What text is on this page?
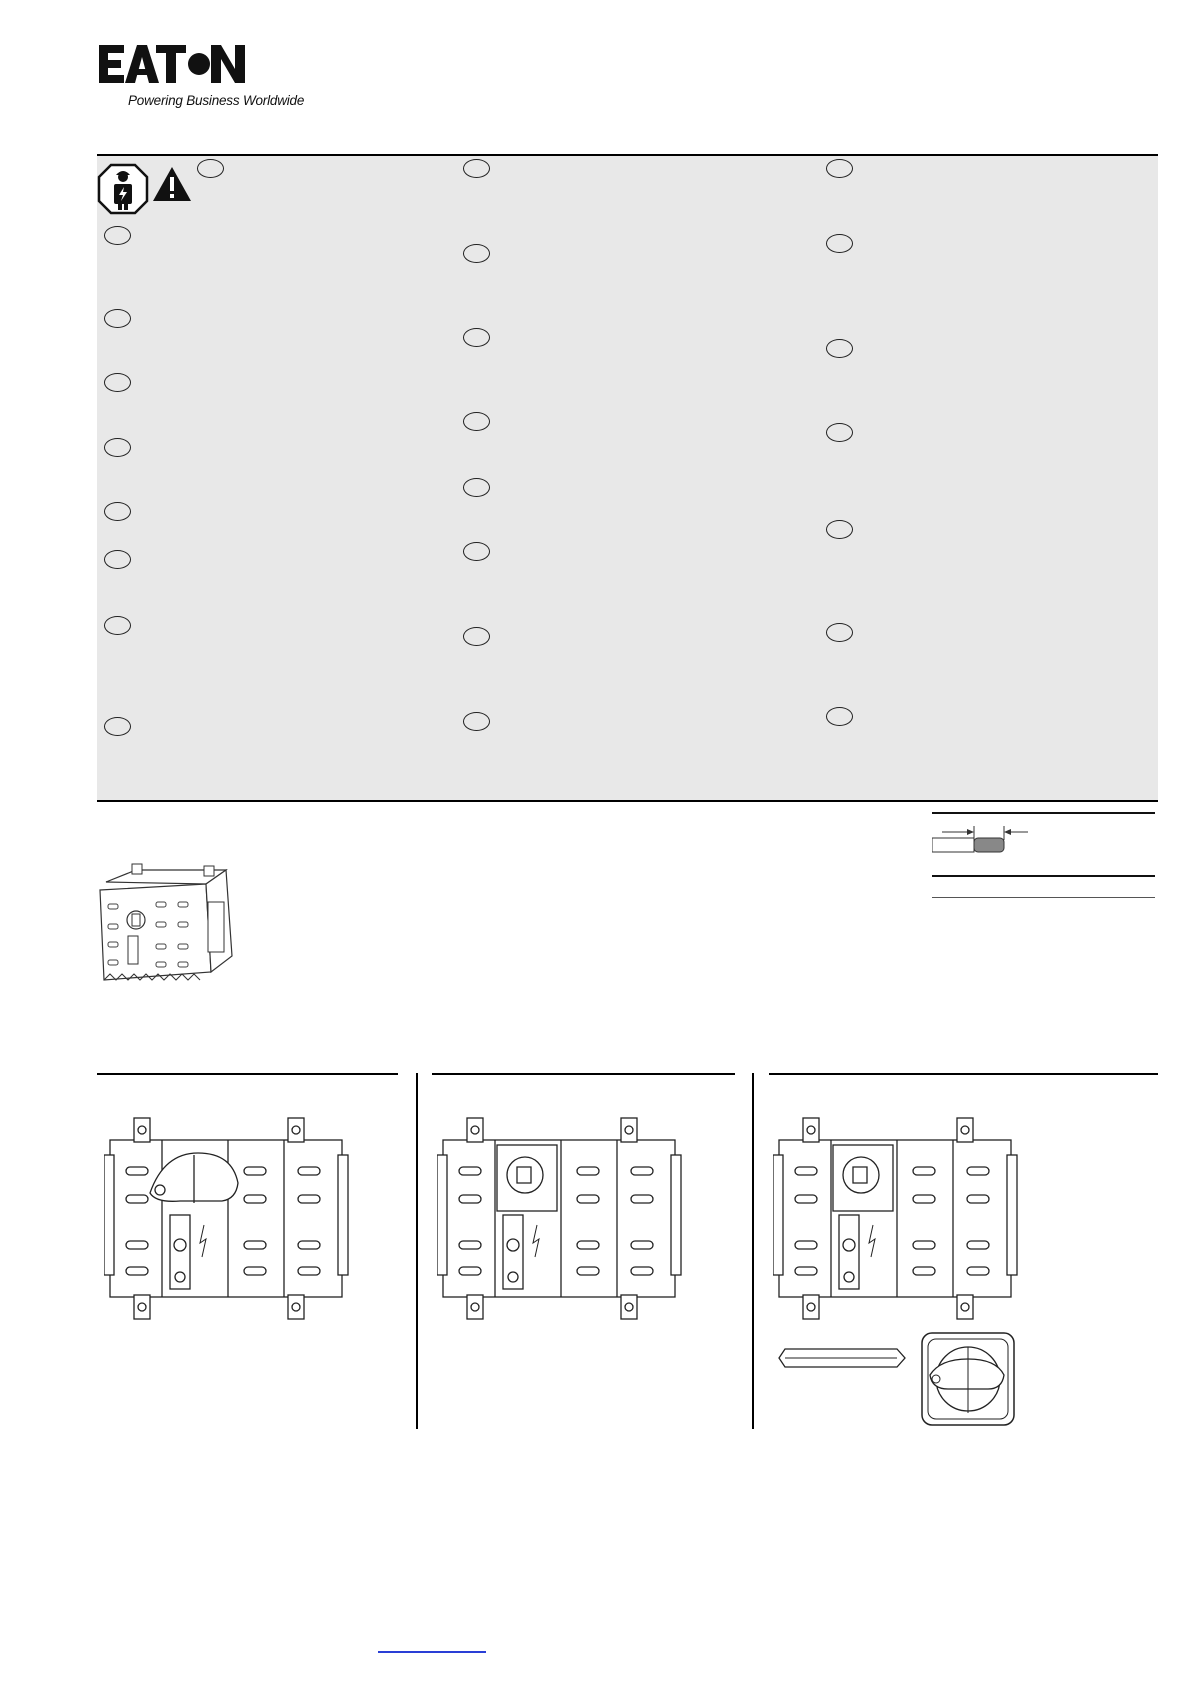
Powering Business Worldwide
